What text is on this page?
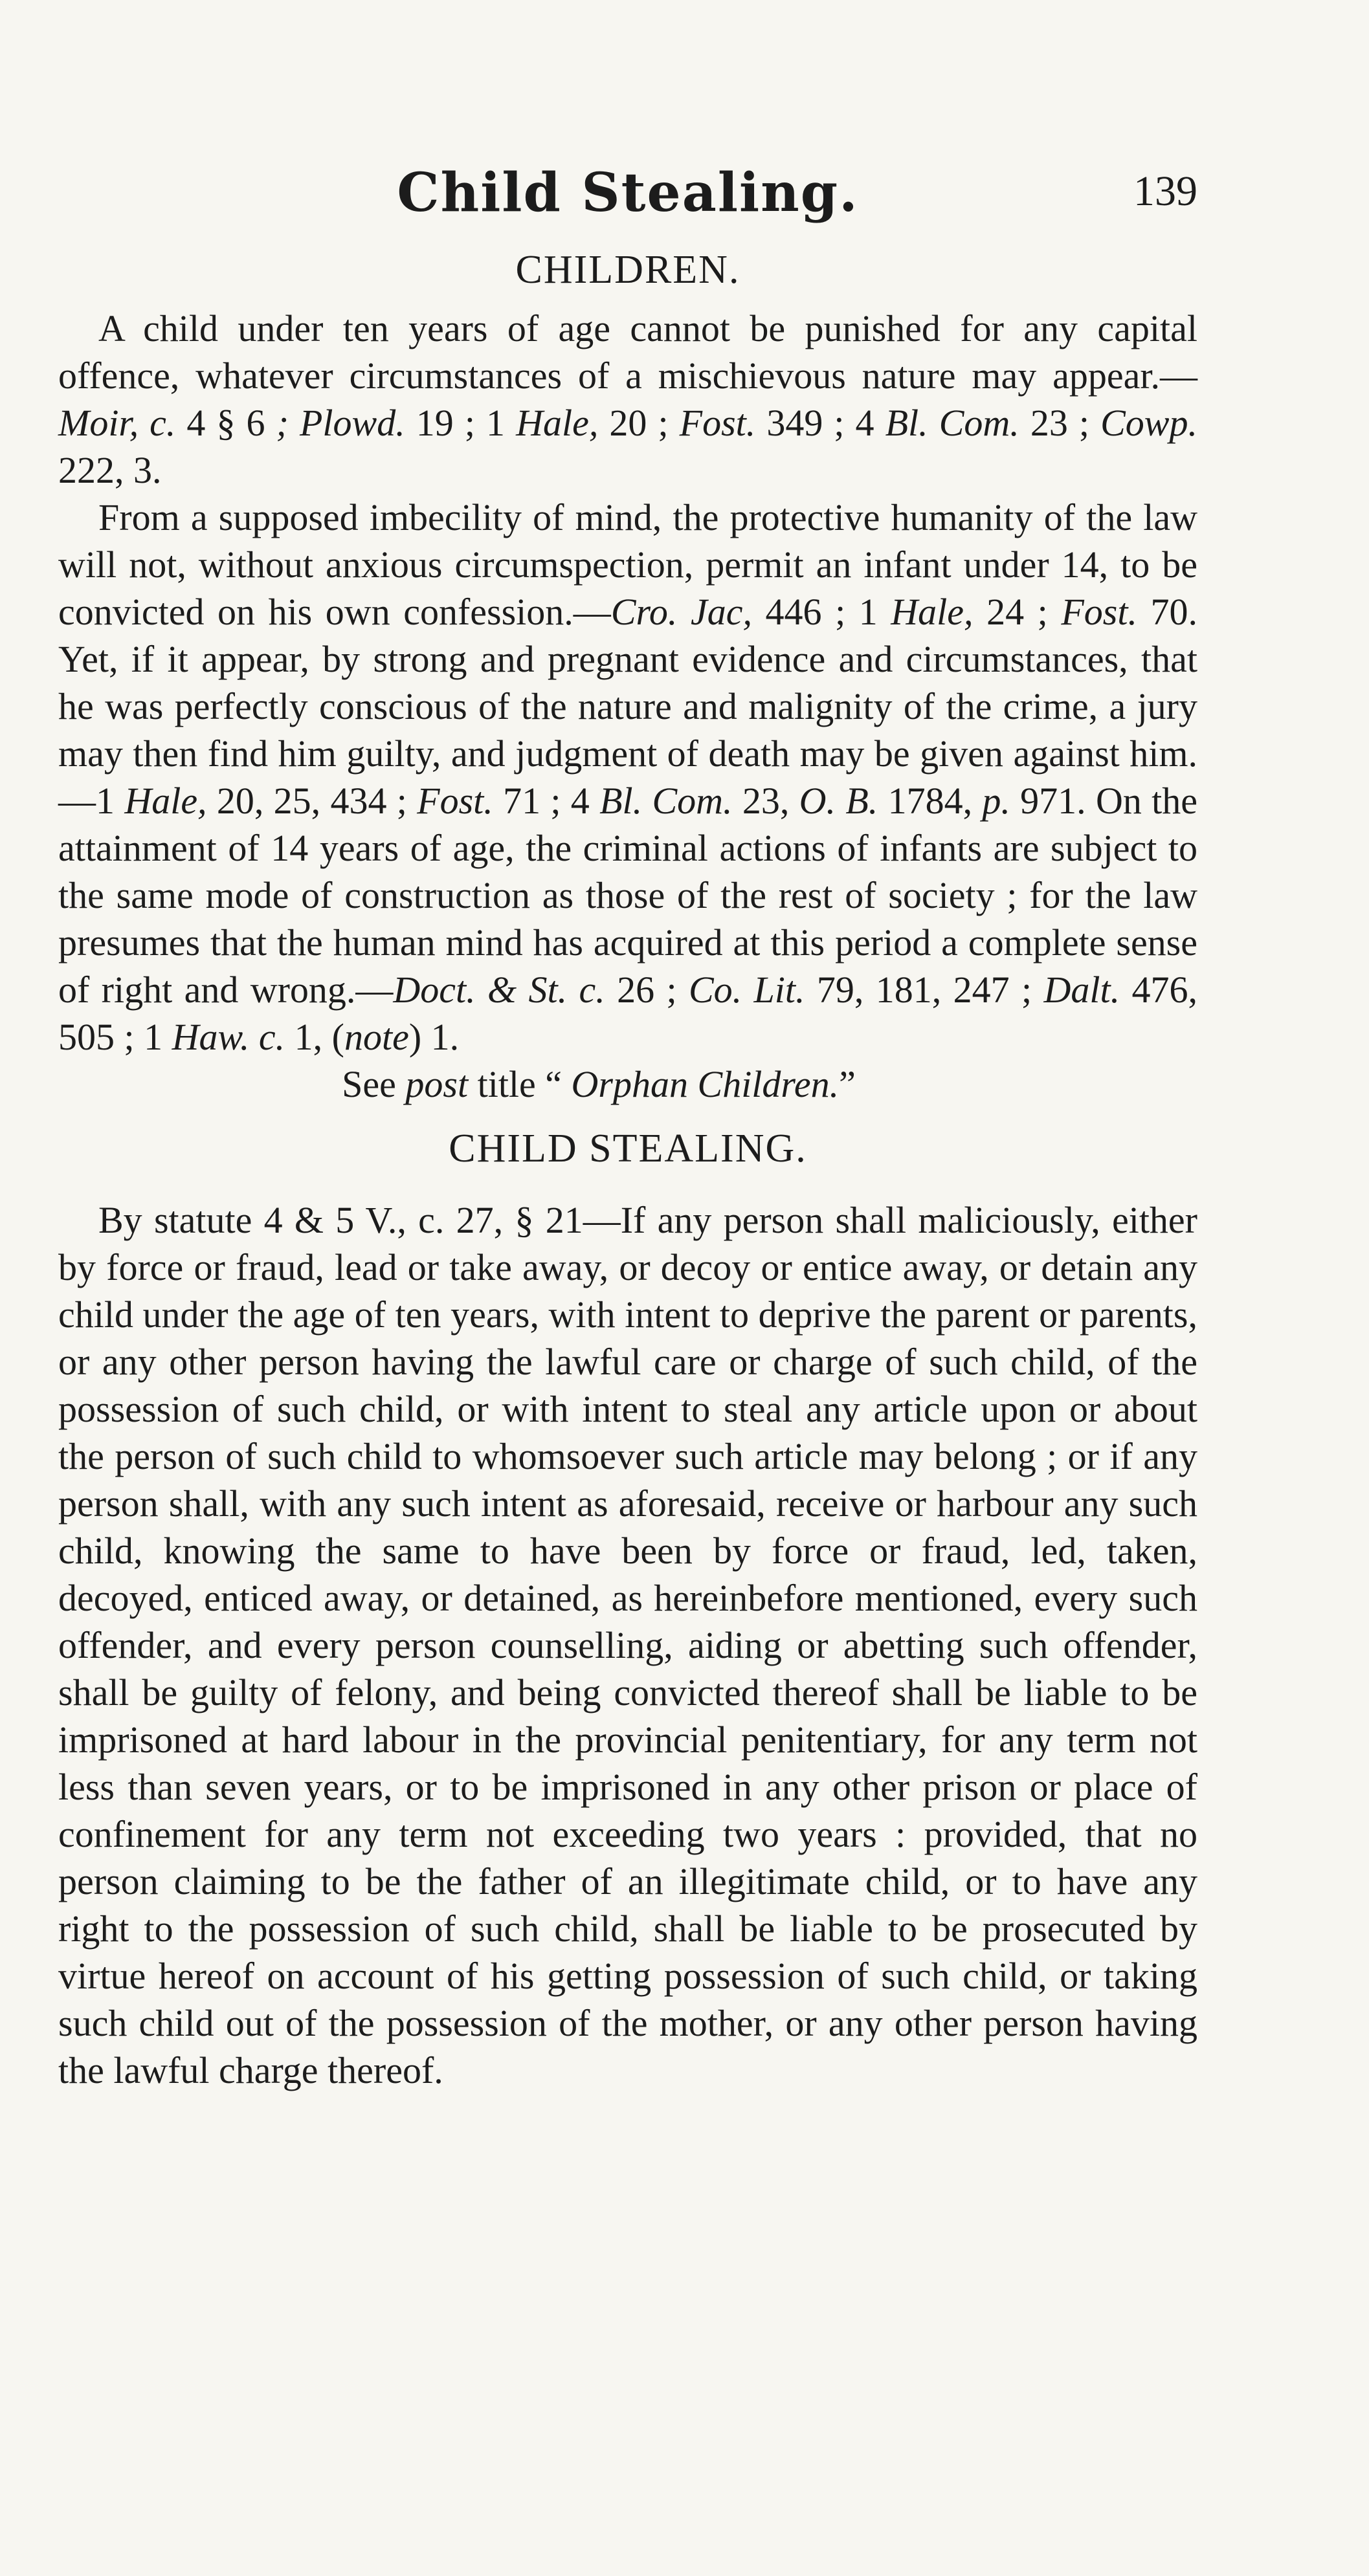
Child Stealing.	139
CHILDREN.

A child under ten years of age cannot be punished for any capital offence, whatever circumstances of a mischievous nature may appear.—Moir, c. 4 § 6 ; Plowd. 19 ; 1 Hale, 20 ; Fost. 349 ; 4 Bl. Com. 23 ; Cowp. 222, 3.

From a supposed imbecility of mind, the protective humanity of the law will not, without anxious circumspection, permit an infant under 14, to be convicted on his own confession.—Cro. Jac, 446 ; 1 Hale, 24 ; Fost. 70. Yet, if it appear, by strong and pregnant evidence and circumstances, that he was perfectly conscious of the nature and malignity of the crime, a jury may then find him guilty, and judgment of death may be given against him.—1 Hale, 20, 25, 434 ; Fost. 71 ; 4 Bl. Com. 23, O. B. 1784, p. 971. On the attainment of 14 years of age, the criminal actions of infants are subject to the same mode of construction as those of the rest of society ; for the law presumes that the human mind has acquired at this period a complete sense of right and wrong.—Doct. & St. c. 26 ; Co. Lit. 79, 181, 247 ; Dalt. 476, 505 ; 1 Haw. c. 1, (note) 1.

See post title “ Orphan Children.”

CHILD STEALING.

By statute 4 & 5 V., c. 27, § 21—If any person shall maliciously, either by force or fraud, lead or take away, or decoy or entice away, or detain any child under the age of ten years, with intent to deprive the parent or parents, or any other person having the lawful care or charge of such child, of the possession of such child, or with intent to steal any article upon or about the person of such child to whomsoever such article may belong ; or if any person shall, with any such intent as aforesaid, receive or harbour any such child, knowing the same to have been by force or fraud, led, taken, decoyed, enticed away, or detained, as hereinbefore mentioned, every such offender, and every person counselling, aiding or abetting such offender, shall be guilty of felony, and being convicted thereof shall be liable to be imprisoned at hard labour in the provincial penitentiary, for any term not less than seven years, or to be imprisoned in any other prison or place of confinement for any term not exceeding two years : provided, that no person claiming to be the father of an illegitimate child, or to have any right to the possession of such child, shall be liable to be prosecuted by virtue hereof on account of his getting possession of such child, or taking such child out of the possession of the mother, or any other person having the lawful charge thereof.
